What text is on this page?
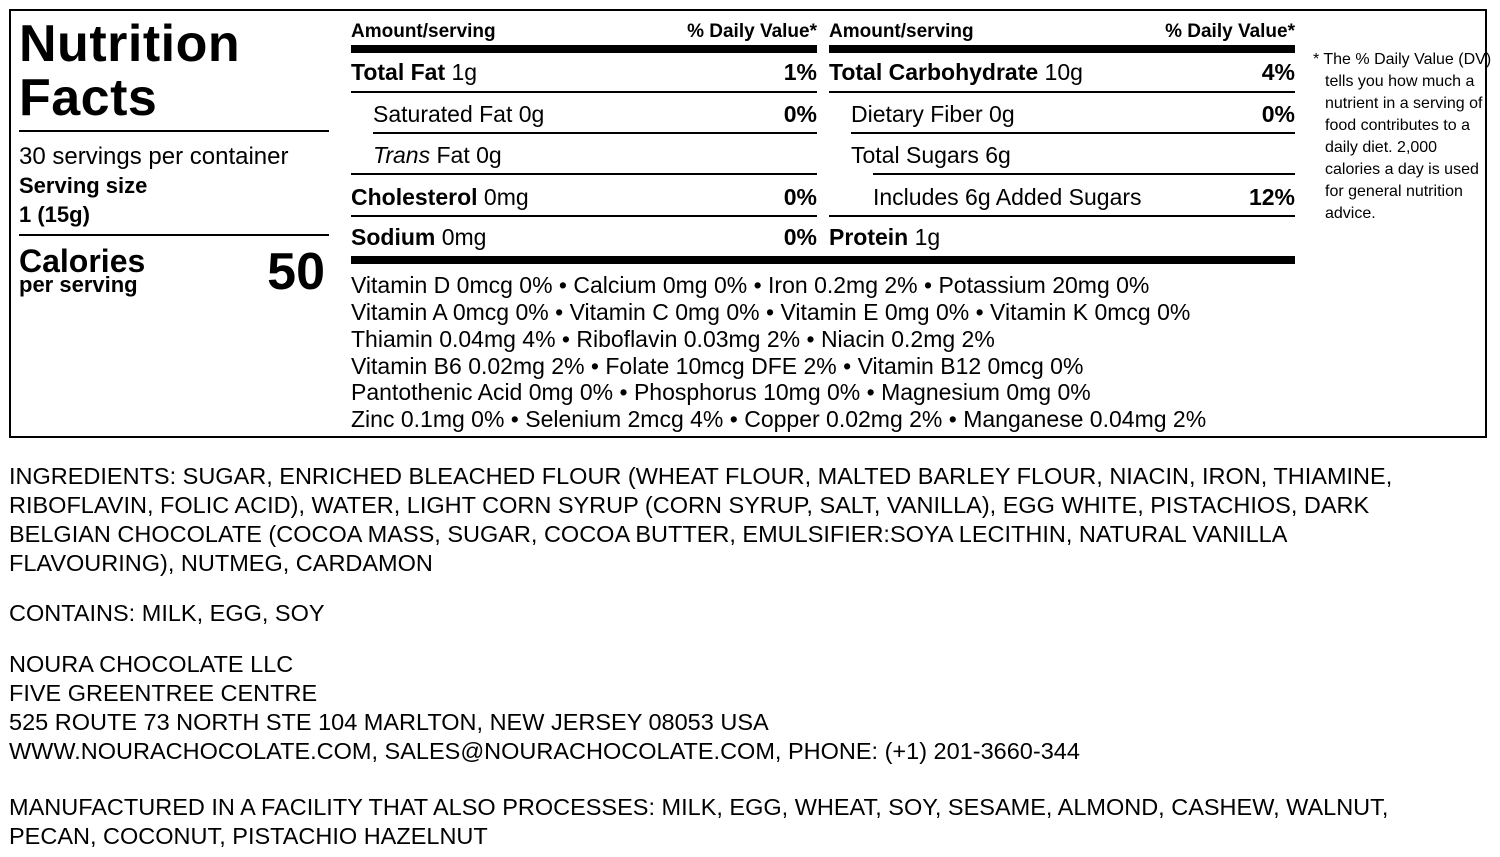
Nutrition
Facts
30 servings per container
Serving size
1 (15g)
Calories
per serving 50
Amount/serving	% Daily Value*
Total Fat 1g	1%
Saturated Fat 0g	0%
Trans Fat 0g
Cholesterol 0mg	0%
Sodium 0mg	0%
Amount/serving	% Daily Value*
Total Carbohydrate 10g	4%
Dietary Fiber 0g	0%
Total Sugars 6g
Includes 6g Added Sugars	12%
Protein 1g
Vitamin D 0mcg 0% • Calcium 0mg 0% • Iron 0.2mg 2% • Potassium 20mg 0%
Vitamin A 0mcg 0% • Vitamin C 0mg 0% • Vitamin E 0mg 0% • Vitamin K 0mcg 0%
Thiamin 0.04mg 4% • Riboflavin 0.03mg 2% • Niacin 0.2mg 2%
Vitamin B6 0.02mg 2% • Folate 10mcg DFE 2% • Vitamin B12 0mcg 0%
Pantothenic Acid 0mg 0% • Phosphorus 10mg 0% • Magnesium 0mg 0%
Zinc 0.1mg 0% • Selenium 2mcg 4% • Copper 0.02mg 2% • Manganese 0.04mg 2%
* The % Daily Value (DV) tells you how much a nutrient in a serving of food contributes to a daily diet. 2,000 calories a day is used for general nutrition advice.
INGREDIENTS: SUGAR, ENRICHED BLEACHED FLOUR (WHEAT FLOUR, MALTED BARLEY FLOUR, NIACIN, IRON, THIAMINE,
RIBOFLAVIN, FOLIC ACID), WATER, LIGHT CORN SYRUP (CORN SYRUP, SALT, VANILLA), EGG WHITE, PISTACHIOS, DARK
BELGIAN CHOCOLATE (COCOA MASS, SUGAR, COCOA BUTTER, EMULSIFIER:SOYA LECITHIN, NATURAL VANILLA
FLAVOURING), NUTMEG, CARDAMON
CONTAINS: MILK, EGG, SOY
NOURA CHOCOLATE LLC
FIVE GREENTREE CENTRE
525 ROUTE 73 NORTH STE 104 MARLTON, NEW JERSEY 08053 USA
WWW.NOURACHOCOLATE.COM, SALES@NOURACHOCOLATE.COM, PHONE: (+1) 201-3660-344
MANUFACTURED IN A FACILITY THAT ALSO PROCESSES: MILK, EGG, WHEAT, SOY, SESAME, ALMOND, CASHEW, WALNUT,
PECAN, COCONUT, PISTACHIO HAZELNUT
